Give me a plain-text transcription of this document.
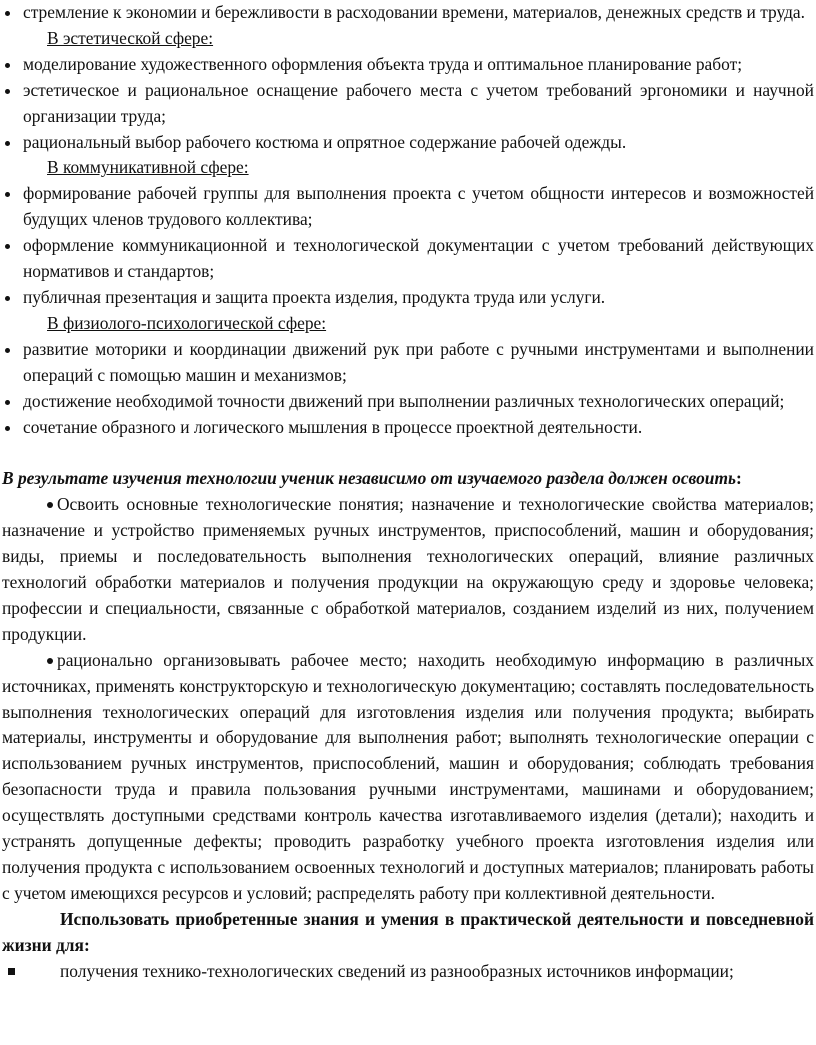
стремление к экономии и бережливости в расходовании времени, материалов, денежных средств и труда.

В эстетической сфере:

моделирование художественного оформления объекта труда и оптимальное планирование работ;

эстетическое и рациональное оснащение рабочего места с учетом требований эргономики и научной организации труда;

рациональный выбор рабочего костюма и опрятное содержание рабочей одежды.

В коммуникативной сфере:

формирование рабочей группы для выполнения проекта с учетом общности интересов и возможностей будущих членов трудового коллектива;

оформление коммуникационной и технологической документации с учетом требований действующих нормативов и стандартов;

публичная презентация и защита проекта изделия, продукта труда или услуги.

В физиолого-психологической сфере:

развитие моторики и координации движений рук при работе с ручными инструментами и выполнении операций с помощью машин и механизмов;

достижение необходимой точности движений при выполнении различных технологических операций;

сочетание образного и логического мышления в процессе проектной деятельности.

В результате изучения технологии ученик независимо от изучаемого раздела должен освоить:

Освоить основные технологические понятия; назначение и технологические свойства материалов; назначение и устройство применяемых ручных инструментов, приспособлений, машин и оборудования; виды, приемы и последовательность выполнения технологических операций, влияние различных технологий обработки материалов и получения продукции на окружающую среду и здоровье человека; профессии и специальности, связанные с обработкой материалов, созданием изделий из них, получением продукции.

рационально организовывать рабочее место; находить необходимую информацию в различных источниках, применять конструкторскую и технологическую документацию; составлять последовательность выполнения технологических операций для изготовления изделия или получения продукта; выбирать материалы, инструменты и оборудование для выполнения работ; выполнять технологические операции с использованием ручных инструментов, приспособлений, машин и оборудования; соблюдать требования безопасности труда и правила пользования ручными инструментами, машинами и оборудованием; осуществлять доступными средствами контроль качества изготавливаемого изделия (детали); находить и устранять допущенные дефекты; проводить разработку учебного проекта изготовления изделия или получения продукта с использованием освоенных технологий и доступных материалов; планировать работы с учетом имеющихся ресурсов и условий; распределять работу при коллективной деятельности.

Использовать приобретенные знания и умения в практической деятельности и повседневной жизни для:

получения технико-технологических сведений из разнообразных источников информации;
